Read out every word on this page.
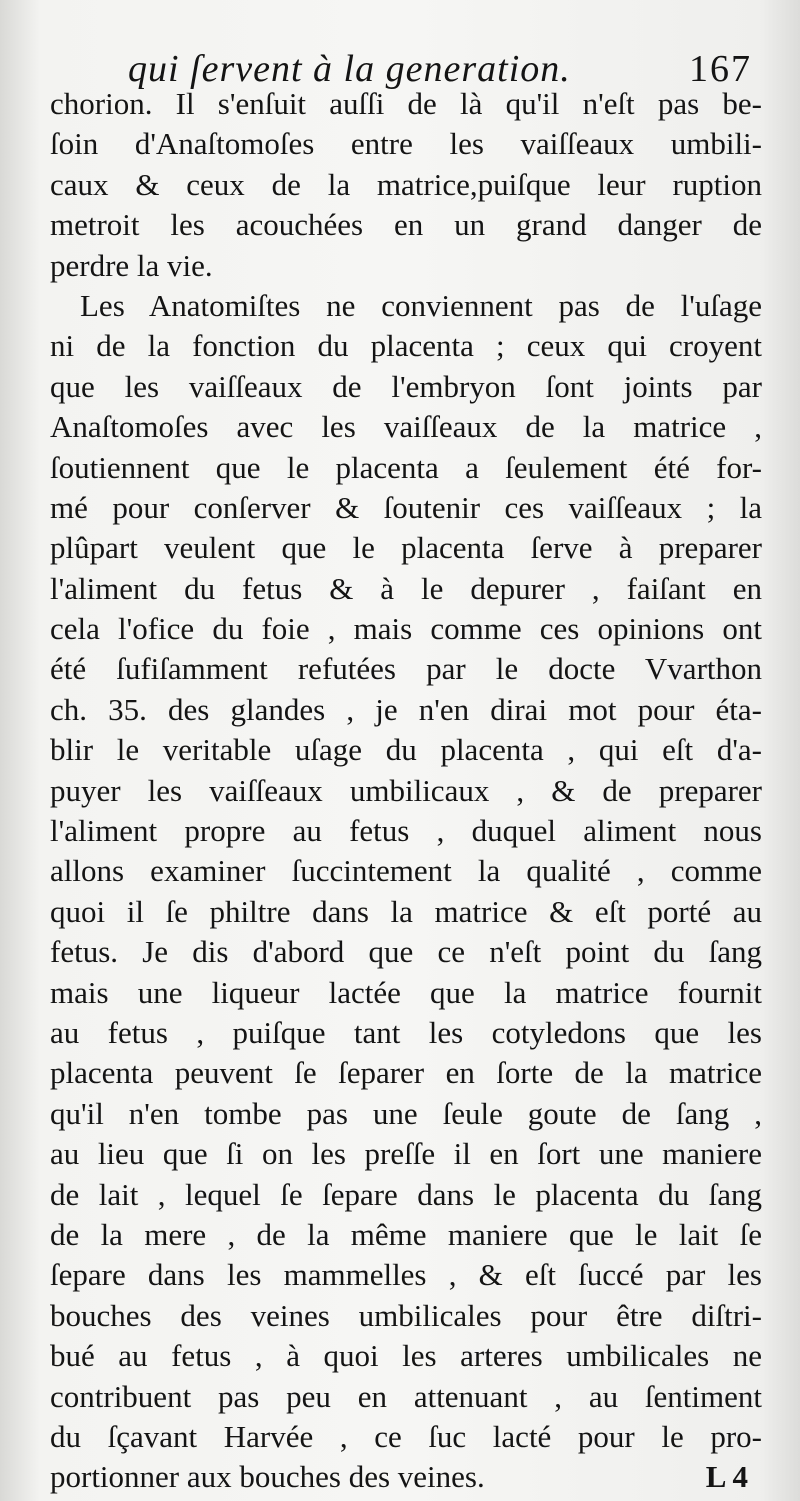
qui ſervent à la generation.	167
chorion. Il s'enſuit auſſi de là qu'il n'eſt pas be-
ſoin d'Anaſtomoſes entre les vaiſſeaux umbili-
caux & ceux de la matrice,puiſque leur ruption
metroit les acouchées en un grand danger de
perdre la vie.
Les Anatomiſtes ne conviennent pas de l'uſage
ni de la fonction du placenta ; ceux qui croyent
que les vaiſſeaux de l'embryon ſont joints par
Anaſtomoſes avec les vaiſſeaux de la matrice ,
ſoutiennent que le placenta a ſeulement été for-
mé pour conſerver & ſoutenir ces vaiſſeaux ; la
plûpart veulent que le placenta ſerve à preparer
l'aliment du fetus & à le depurer , faiſant en
cela l'ofice du foie , mais comme ces opinions ont
été ſufiſamment refutées par le docte Vvarthon
ch. 35. des glandes , je n'en dirai mot pour éta-
blir le veritable uſage du placenta , qui eſt d'a-
puyer les vaiſſeaux umbilicaux , & de preparer
l'aliment propre au fetus , duquel aliment nous
allons examiner ſuccintement la qualité , comme
quoi il ſe philtre dans la matrice & eſt porté au
fetus. Je dis d'abord que ce n'eſt point du ſang
mais une liqueur lactée que la matrice fournit
au fetus , puiſque tant les cotyledons que les
placenta peuvent ſe ſeparer en ſorte de la matrice
qu'il n'en tombe pas une ſeule goute de ſang ,
au lieu que ſi on les preſſe il en ſort une maniere
de lait , lequel ſe ſepare dans le placenta du ſang
de la mere , de la même maniere que le lait ſe
ſepare dans les mammelles , & eſt ſuccé par les
bouches des veines umbilicales pour être diſtri-
bué au fetus , à quoi les arteres umbilicales ne
contribuent pas peu en attenuant , au ſentiment
du ſçavant Harvée , ce ſuc lacté pour le pro-
portionner aux bouches des veines.	L 4
